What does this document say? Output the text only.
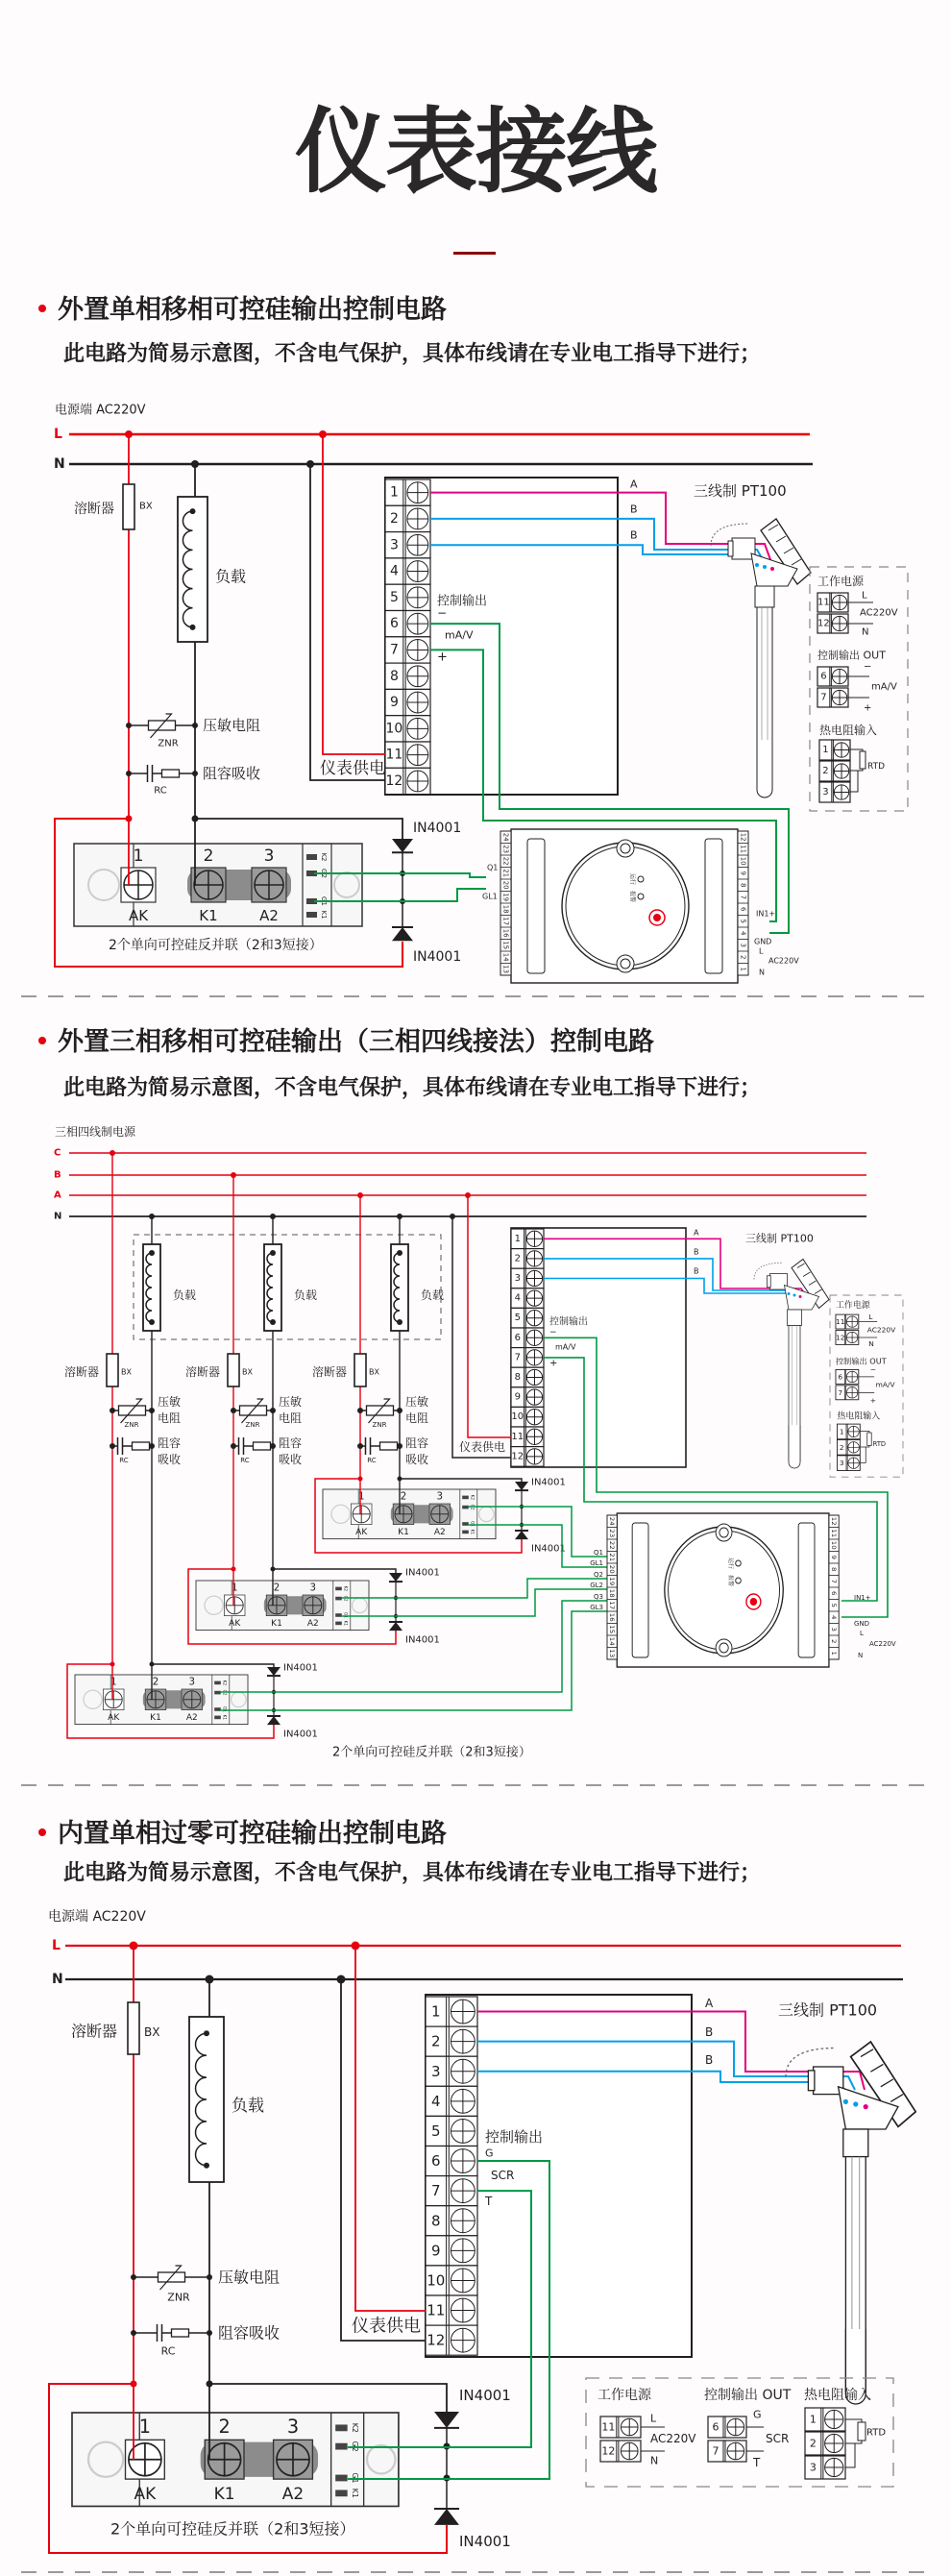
仪表接线
外置单相移相可控硅输出控制电路
此电路为简易示意图，不含电气保护，具体布线请在专业电工指导下进行；
外置三相移相可控硅输出（三相四线接法）控制电路
此电路为简易示意图，不含电气保护，具体布线请在专业电工指导下进行；
内置单相过零可控硅输出控制电路
此电路为简易示意图，不含电气保护，具体布线请在专业电工指导下进行；
电源端 AC220V
L
N
1
AK
2
K1
3
A2
K2
G2
G1
K1
溶断器	BX
负载
压敏电阻
ZNR
阻容吸收
RC
IN4001
IN4001
2个单向可控硅反并联（2和3短接）
Q1
GL1
24	12
23	11
22	10
21	9
20	8
19	7
18	6
17	5
16	4
15	3
14	2
13	1
运行
报警
1
2
3
4
5
6
7
8
9
10
11
12
仪表供电
A
B
B
三线制 PT100
控制输出
−
mA/V
+
IN1+
GND
L
AC220V
N
工作电源
11
12
L
AC220V
N
控制输出 OUT
6
7
−
mA/V
+
热电阻输入
1
2
3
RTD
三相四线制电源
C
B
A
N
1
AK
2
K1
3
A2
K2
G2
G1
K1
溶断器	BX
负载
压敏
电阻
ZNR
阻容
吸收
RC
IN4001
IN4001
1
AK
2
K1
3
A2
K2
G2
G1
K1
溶断器	BX
负载
压敏
电阻
ZNR
阻容
吸收
RC
IN4001
IN4001
1
AK
2
K1
3
A2
K2
G2
G1
K1
溶断器	BX
负载
压敏
电阻
ZNR
阻容
吸收
RC
IN4001
IN4001	Q1
GL1
Q2
GL2
Q3
GL3
24	12
23	11
22	10
21	9
20	8
19	7
18	6
17	5
16	4
15	3
14	2
13	1
运行
报警
2个单向可控硅反并联（2和3短接）
1
2
3
4
5
6
7
8
9
10
11
12
仪表供电
A
B
B
三线制 PT100
控制输出
−
mA/V
+
IN1+
GND
L
AC220V
N
工作电源
11
12
L
AC220V
N
控制输出 OUT
6
7
−
mA/V
+
热电阻输入
1
2
3
RTD
电源端 AC220V
L
N
1
AK
2
K1
3
A2
K2
G2
G1
K1
溶断器 BX
负载
压敏电阻
ZNR
阻容吸收
RC
IN4001
IN4001
2个单向可控硅反并联（2和3短接）
1
2
3
4
5
6
7
8
9
10
11
12
仪表供电
A
B
B
三线制 PT100
控制输出
G
SCR
T
工作电源	控制输出 OUT 热电阻输入
11
12
L
AC220V
N
6
7
G
SCR
T
1
2
3
RTD
